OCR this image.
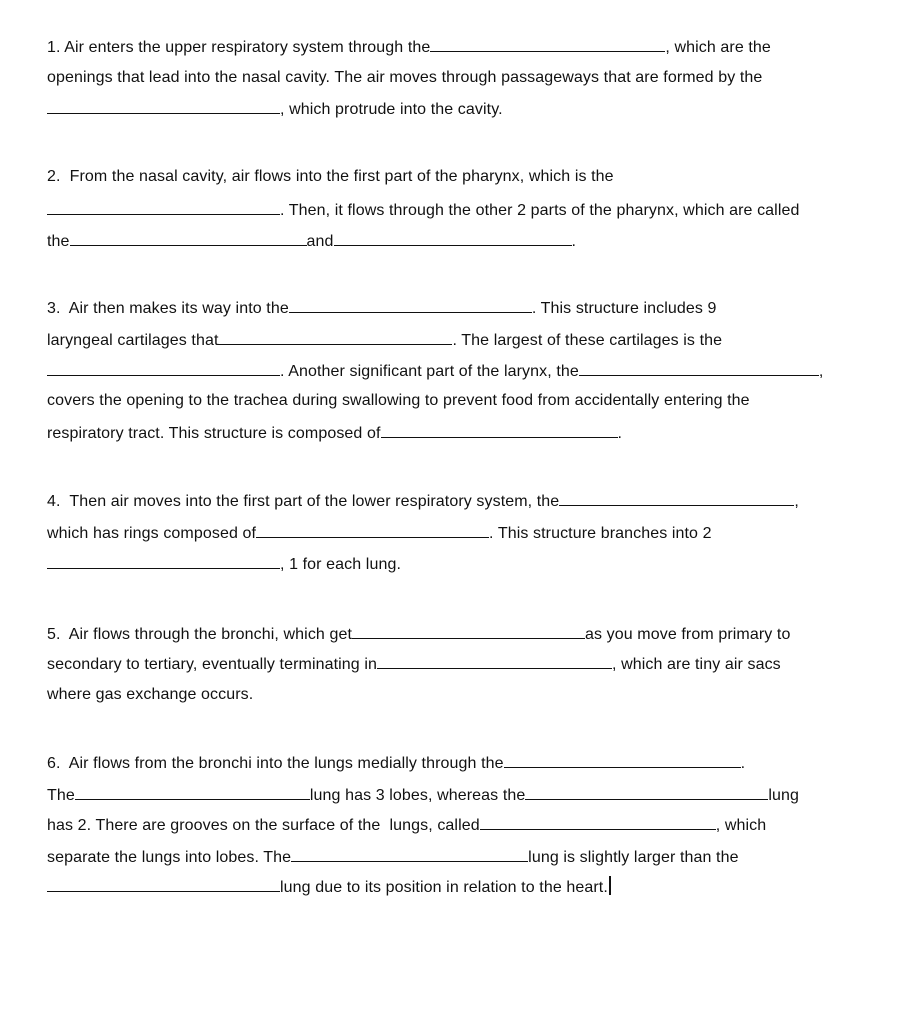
1. Air enters the upper respiratory system through the	, which are the
openings that lead into the nasal cavity. The air moves through passageways that are formed by the
, which protrude into the cavity.
2.  From the nasal cavity, air flows into the first part of the pharynx, which is the
. Then, it flows through the other 2 parts of the pharynx, which are called
the	and	.
3.  Air then makes its way into the	. This structure includes 9
laryngeal cartilages that	. The largest of these cartilages is the
. Another significant part of the larynx, the	,
covers the opening to the trachea during swallowing to prevent food from accidentally entering the
respiratory tract. This structure is composed of	.
4.  Then air moves into the first part of the lower respiratory system, the	,
which has rings composed of	. This structure branches into 2
, 1 for each lung.
5.  Air flows through the bronchi, which get	as you move from primary to
secondary to tertiary, eventually terminating in	, which are tiny air sacs
where gas exchange occurs.
6.  Air flows from the bronchi into the lungs medially through the	.
The	lung has 3 lobes, whereas the	lung
has 2. There are grooves on the surface of the  lungs, called	, which
separate the lungs into lobes. The	lung is slightly larger than the
lung due to its position in relation to the heart.
